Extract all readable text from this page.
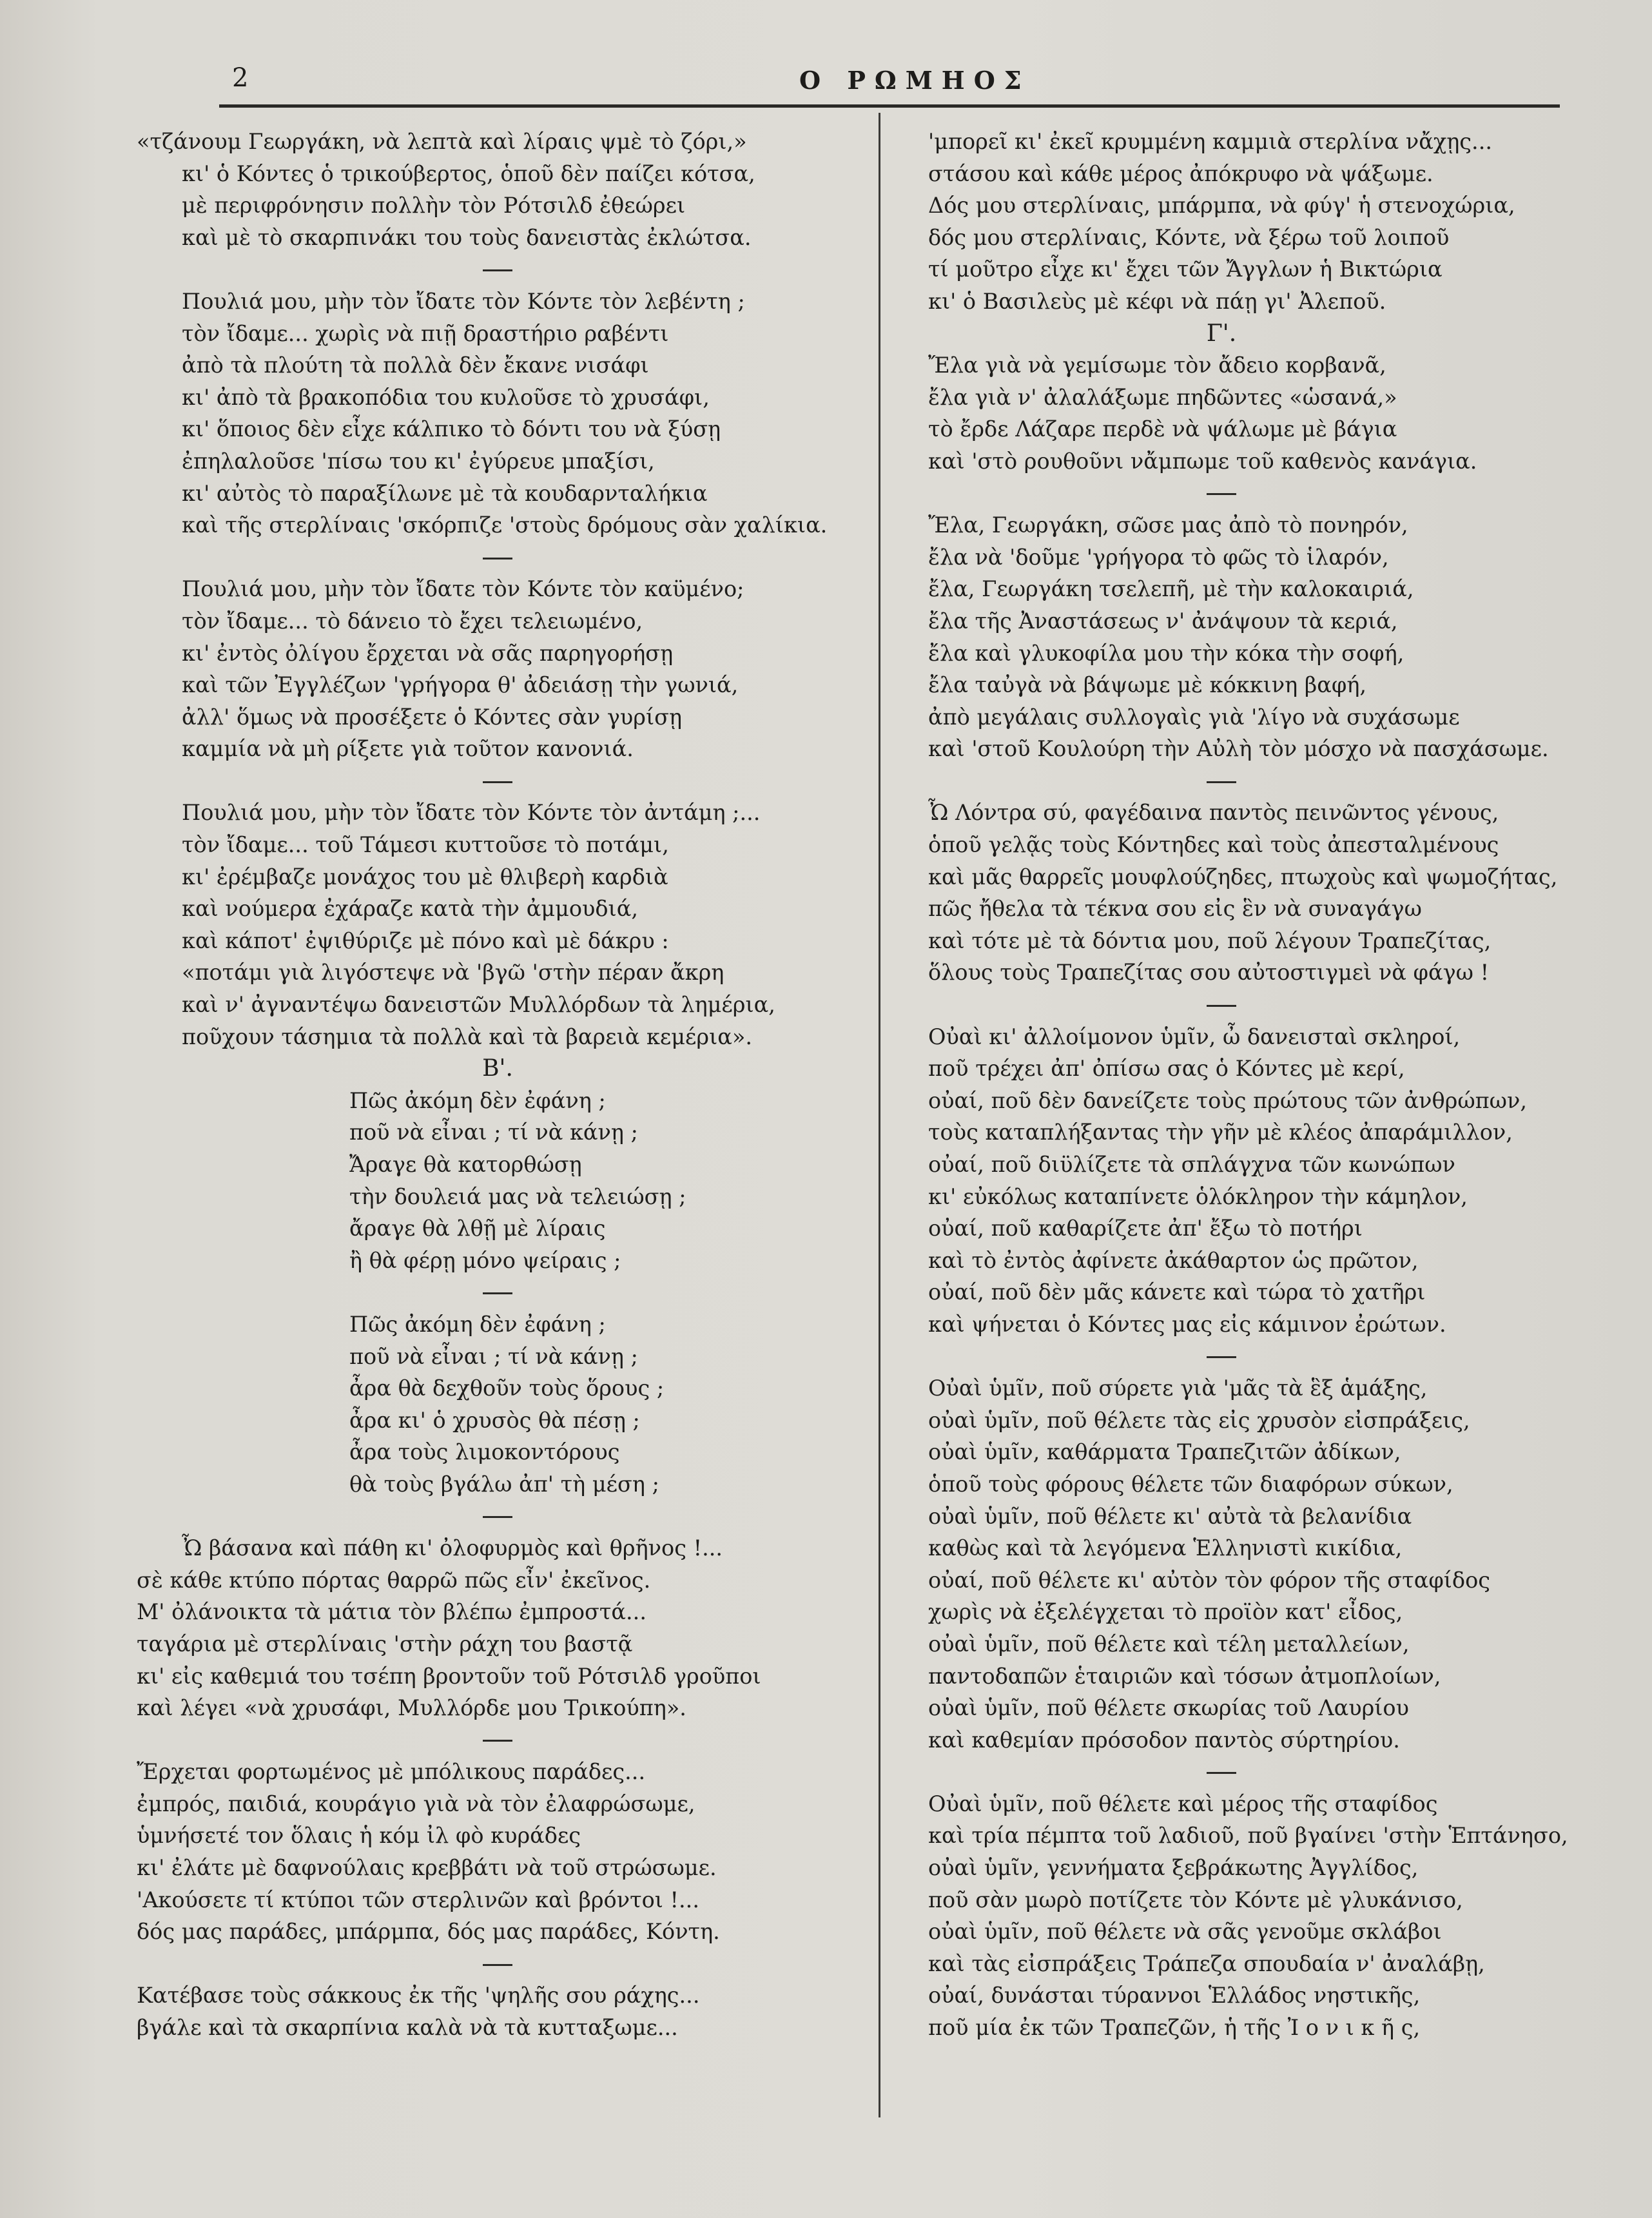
2	Ο ΡΩΜΗΟΣ
«τζάνουμ Γεωργάκη, νὰ λεπτὰ καὶ λίραις ψμὲ τὸ ζόρι,»
κι' ὁ Κόντες ὁ τρικούβερτος, ὁποῦ δὲν παίζει κότσα,
μὲ περιφρόνησιν πολλὴν τὸν Ρότσιλδ ἐθεώρει
καὶ μὲ τὸ σκαρπινάκι του τοὺς δανειστὰς ἐκλώτσα.
Πουλιά μου, μὴν τὸν ἴδατε τὸν Κόντε τὸν λεβέντη ;
τὸν ἴδαμε... χωρὶς νὰ πιῇ δραστήριο ραβέντι
ἀπὸ τὰ πλούτη τὰ πολλὰ δὲν ἔκανε νισάφι
κι' ἀπὸ τὰ βρακοπόδια του κυλοῦσε τὸ χρυσάφι,
κι' ὅποιος δὲν εἶχε κάλπικο τὸ δόντι του νὰ ξύσῃ
ἐπηλαλοῦσε 'πίσω του κι' ἐγύρευε μπαξίσι,
κι' αὐτὸς τὸ παραξίλωνε μὲ τὰ κουδαρνταλήκια
καὶ τῆς στερλίναις 'σκόρπιζε 'στοὺς δρόμους σὰν χαλίκια.
Πουλιά μου, μὴν τὸν ἴδατε τὸν Κόντε τὸν καϋμένο;
τὸν ἴδαμε... τὸ δάνειο τὸ ἔχει τελειωμένο,
κι' ἐντὸς ὀλίγου ἔρχεται νὰ σᾶς παρηγορήσῃ
καὶ τῶν Ἐγγλέζων 'γρήγορα θ' ἀδειάσῃ τὴν γωνιά,
ἀλλ' ὅμως νὰ προσέξετε ὁ Κόντες σὰν γυρίσῃ
καμμία νὰ μὴ ρίξετε γιὰ τοῦτον κανονιά.
Πουλιά μου, μὴν τὸν ἴδατε τὸν Κόντε τὸν ἀντάμη ;...
τὸν ἴδαμε... τοῦ Τάμεσι κυττοῦσε τὸ ποτάμι,
κι' ἐρέμβαζε μονάχος του μὲ θλιβερὴ καρδιὰ
καὶ νούμερα ἐχάραζε κατὰ τὴν ἀμμουδιά,
καὶ κάποτ' ἐψιθύριζε μὲ πόνο καὶ μὲ δάκρυ :
«ποτάμι γιὰ λιγόστεψε νὰ 'βγῶ 'στὴν πέραν ἄκρη
καὶ ν' ἀγναντέψω δανειστῶν Μυλλόρδων τὰ λημέρια,
ποῦχουν τάσημια τὰ πολλὰ καὶ τὰ βαρειὰ κεμέρια».
Β'.
Πῶς ἀκόμη δὲν ἐφάνη ;
ποῦ νὰ εἶναι ; τί νὰ κάνῃ ;
Ἄραγε θὰ κατορθώσῃ
τὴν δουλειά μας νὰ τελειώσῃ ;
ἄραγε θὰ λθῇ μὲ λίραις
ἢ θὰ φέρῃ μόνο ψείραις ;
Πῶς ἀκόμη δὲν ἐφάνη ;
ποῦ νὰ εἶναι ; τί νὰ κάνῃ ;
ἆρα θὰ δεχθοῦν τοὺς ὅρους ;
ἆρα κι' ὁ χρυσὸς θὰ πέσῃ ;
ἆρα τοὺς λιμοκοντόρους
θὰ τοὺς βγάλω ἀπ' τὴ μέση ;
Ὦ βάσανα καὶ πάθη κι' ὀλοφυρμὸς καὶ θρῆνος !...
σὲ κάθε κτύπο πόρτας θαρρῶ πῶς εἶν' ἐκεῖνος.
Μ' ὀλάνοικτα τὰ μάτια τὸν βλέπω ἐμπροστά...
ταγάρια μὲ στερλίναις 'στὴν ράχη του βαστᾷ
κι' εἰς καθεμιά του τσέπη βροντοῦν τοῦ Ρότσιλδ γροῦποι
καὶ λέγει «νὰ χρυσάφι, Μυλλόρδε μου Τρικούπη».
Ἔρχεται φορτωμένος μὲ μπόλικους παράδες...
ἐμπρός, παιδιά, κουράγιο γιὰ νὰ τὸν ἐλαφρώσωμε,
ὑμνήσετέ τον ὅλαις ἡ κόμ ἰλ φὸ κυράδες
κι' ἐλάτε μὲ δαφνούλαις κρεββάτι νὰ τοῦ στρώσωμε.
'Ακούσετε τί κτύποι τῶν στερλινῶν καὶ βρόντοι !...
δός μας παράδες, μπάρμπα, δός μας παράδες, Κόντη.
Κατέβασε τοὺς σάκκους ἐκ τῆς 'ψηλῆς σου ράχης...
βγάλε καὶ τὰ σκαρπίνια καλὰ νὰ τὰ κυτταξωμε...
'μπορεῖ κι' ἐκεῖ κρυμμένη καμμιὰ στερλίνα νἄχῃς...
στάσου καὶ κάθε μέρος ἀπόκρυφο νὰ ψάξωμε.
Δός μου στερλίναις, μπάρμπα, νὰ φύγ' ἡ στενοχώρια,
δός μου στερλίναις, Κόντε, νὰ ξέρω τοῦ λοιποῦ
τί μοῦτρο εἶχε κι' ἔχει τῶν Ἄγγλων ἡ Βικτώρια
κι' ὁ Βασιλεὺς μὲ κέφι νὰ πάῃ γι' Ἀλεποῦ.
Γ'.
Ἔλα γιὰ νὰ γεμίσωμε τὸν ἄδειο κορβανᾶ,
ἔλα γιὰ ν' ἀλαλάξωμε πηδῶντες «ὡσανά,»
τὸ ἔρδε Λάζαρε περδὲ νὰ ψάλωμε μὲ βάγια
καὶ 'στὸ ρουθοῦνι νἄμπωμε τοῦ καθενὸς κανάγια.
Ἔλα, Γεωργάκη, σῶσε μας ἀπὸ τὸ πονηρόν,
ἔλα νὰ 'δοῦμε 'γρήγορα τὸ φῶς τὸ ἱλαρόν,
ἔλα, Γεωργάκη τσελεπῆ, μὲ τὴν καλοκαιριά,
ἔλα τῆς Ἀναστάσεως ν' ἀνάψουν τὰ κεριά,
ἔλα καὶ γλυκοφίλα μου τὴν κόκα τὴν σοφή,
ἔλα ταὐγὰ νὰ βάψωμε μὲ κόκκινη βαφή,
ἀπὸ μεγάλαις συλλογαὶς γιὰ 'λίγο νὰ συχάσωμε
καὶ 'στοῦ Κουλούρη τὴν Αὐλὴ τὸν μόσχο νὰ πασχάσωμε.
Ὦ Λόντρα σύ, φαγέδαινα παντὸς πεινῶντος γένους,
ὁποῦ γελᾷς τοὺς Κόντηδες καὶ τοὺς ἀπεσταλμένους
καὶ μᾶς θαρρεῖς μουφλούζηδες, πτωχοὺς καὶ ψωμοζήτας,
πῶς ἤθελα τὰ τέκνα σου εἰς ἓν νὰ συναγάγω
καὶ τότε μὲ τὰ δόντια μου, ποῦ λέγουν Τραπεζίτας,
ὅλους τοὺς Τραπεζίτας σου αὐτοστιγμεὶ νὰ φάγω !
Οὐαὶ κι' ἀλλοίμονον ὑμῖν, ὦ δανεισταὶ σκληροί,
ποῦ τρέχει ἀπ' ὀπίσω σας ὁ Κόντες μὲ κερί,
οὐαί, ποῦ δὲν δανείζετε τοὺς πρώτους τῶν ἀνθρώπων,
τοὺς καταπλήξαντας τὴν γῆν μὲ κλέος ἀπαράμιλλον,
οὐαί, ποῦ διϋλίζετε τὰ σπλάγχνα τῶν κωνώπων
κι' εὐκόλως καταπίνετε ὁλόκληρον τὴν κάμηλον,
οὐαί, ποῦ καθαρίζετε ἀπ' ἔξω τὸ ποτήρι
καὶ τὸ ἐντὸς ἀφίνετε ἀκάθαρτον ὡς πρῶτον,
οὐαί, ποῦ δὲν μᾶς κάνετε καὶ τώρα τὸ χατῆρι
καὶ ψήνεται ὁ Κόντες μας εἰς κάμινον ἐρώτων.
Οὐαὶ ὑμῖν, ποῦ σύρετε γιὰ 'μᾶς τὰ ἓξ ἁμάξης,
οὐαὶ ὑμῖν, ποῦ θέλετε τὰς εἰς χρυσὸν εἰσπράξεις,
οὐαὶ ὑμῖν, καθάρματα Τραπεζιτῶν ἀδίκων,
ὁποῦ τοὺς φόρους θέλετε τῶν διαφόρων σύκων,
οὐαὶ ὑμῖν, ποῦ θέλετε κι' αὐτὰ τὰ βελανίδια
καθὼς καὶ τὰ λεγόμενα Ἑλληνιστὶ κικίδια,
οὐαί, ποῦ θέλετε κι' αὐτὸν τὸν φόρον τῆς σταφίδος
χωρὶς νὰ ἐξελέγχεται τὸ προϊὸν κατ' εἶδος,
οὐαὶ ὑμῖν, ποῦ θέλετε καὶ τέλη μεταλλείων,
παντοδαπῶν ἑταιριῶν καὶ τόσων ἀτμοπλοίων,
οὐαὶ ὑμῖν, ποῦ θέλετε σκωρίας τοῦ Λαυρίου
καὶ καθεμίαν πρόσοδον παντὸς σύρτηρίου.
Οὐαὶ ὑμῖν, ποῦ θέλετε καὶ μέρος τῆς σταφίδος
καὶ τρία πέμπτα τοῦ λαδιοῦ, ποῦ βγαίνει 'στὴν Ἑπτάνησο,
οὐαὶ ὑμῖν, γεννήματα ξεβράκωτης Ἀγγλίδος,
ποῦ σὰν μωρὸ ποτίζετε τὸν Κόντε μὲ γλυκάνισο,
οὐαὶ ὑμῖν, ποῦ θέλετε νὰ σᾶς γενοῦμε σκλάβοι
καὶ τὰς εἰσπράξεις Τράπεζα σπουδαία ν' ἀναλάβῃ,
οὐαί, δυνάσται τύραννοι Ἑλλάδος νηστικῆς,
ποῦ μία ἐκ τῶν Τραπεζῶν, ἡ τῆς Ἰ ο ν ι κ ῆ ς,
